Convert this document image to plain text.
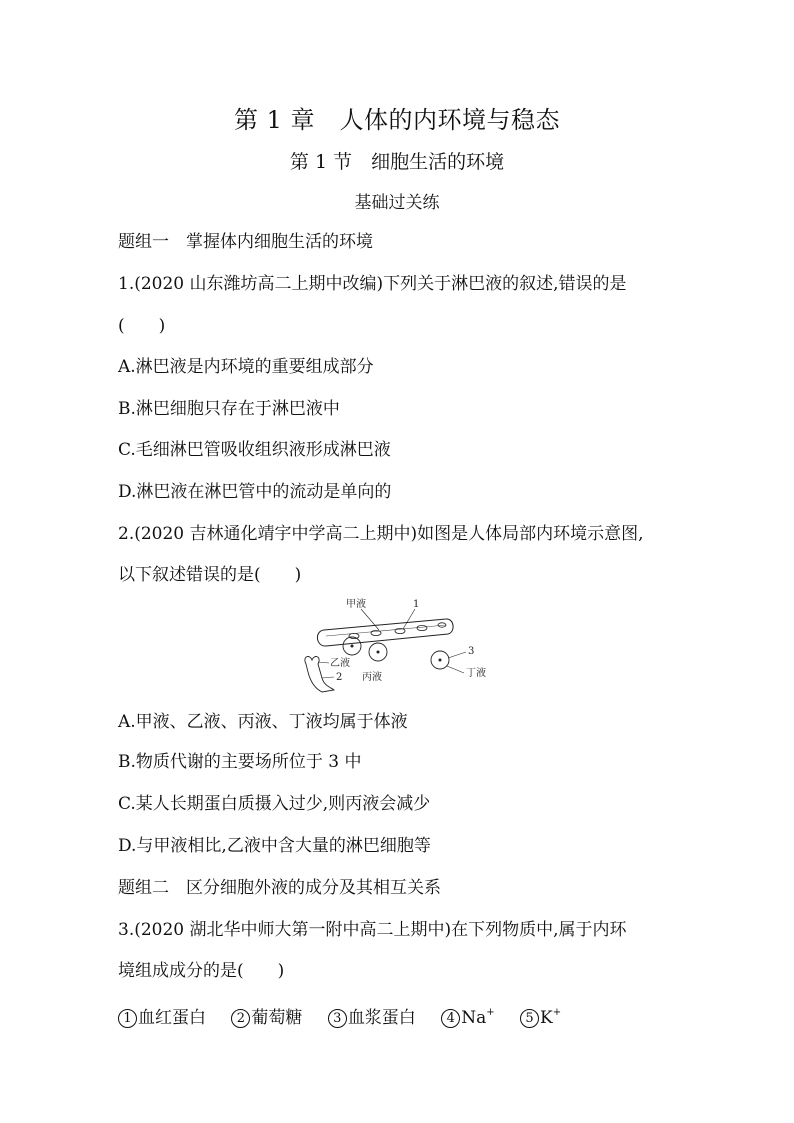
第 1 章　人体的内环境与稳态
第 1 节　细胞生活的环境
基础过关练
题组一　掌握体内细胞生活的环境
1.(2020 山东潍坊高二上期中改编)下列关于淋巴液的叙述,错误的是
(　　)
A.淋巴液是内环境的重要组成部分
B.淋巴细胞只存在于淋巴液中
C.毛细淋巴管吸收组织液形成淋巴液
D.淋巴液在淋巴管中的流动是单向的
2.(2020 吉林通化靖宇中学高二上期中)如图是人体局部内环境示意图,
以下叙述错误的是(　　)
甲液	1
丙液
3
丁液
乙液
2
A.甲液、乙液、丙液、丁液均属于体液
B.物质代谢的主要场所位于 3 中
C.某人长期蛋白质摄入过少,则丙液会减少
D.与甲液相比,乙液中含大量的淋巴细胞等
题组二　区分细胞外液的成分及其相互关系
3.(2020 湖北华中师大第一附中高二上期中)在下列物质中,属于内环
境组成成分的是(　　)
1 血红蛋白 2 葡萄糖 3 血浆蛋白 4 Na+ 5 K+
